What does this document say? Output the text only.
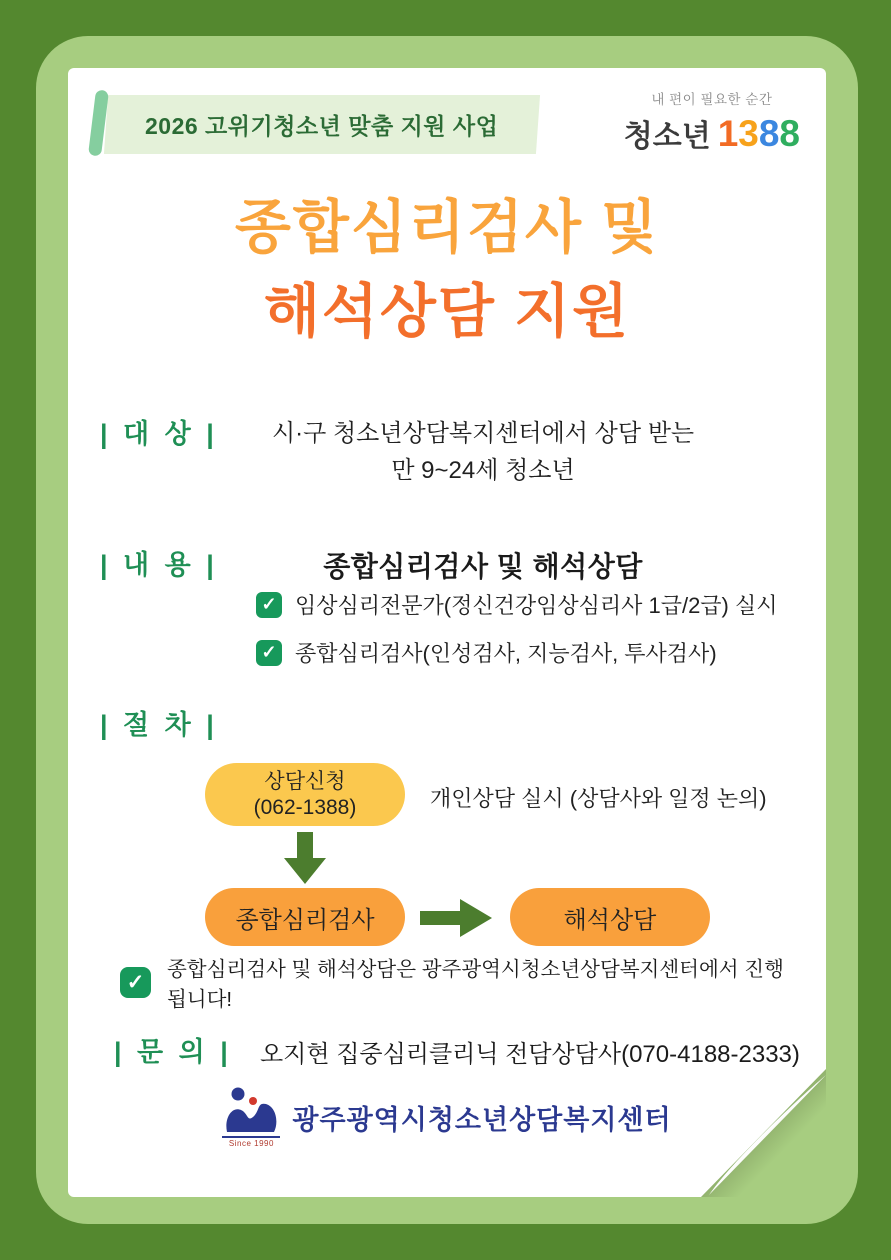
2026 고위기청소년 맞춤 지원 사업
내 편이 필요한 순간
청소년 1388
종합심리검사 및
해석상담 지원
| 대 상 |	시·구 청소년상담복지센터에서 상담 받는
만 9~24세 청소년
| 내 용 |	종합심리검사 및 해석상담
✓ 임상심리전문가(정신건강임상심리사 1급/2급) 실시
✓ 종합심리검사(인성검사, 지능검사, 투사검사)
| 절 차 |
상담신청
(062-1388)	개인상담 실시 (상담사와 일정 논의)
종합심리검사	해석상담
✓
종합심리검사 및 해석상담은 광주광역시청소년상담복지센터에서 진행됩니다!
| 문 의 | 오지현 집중심리클리닉 전담상담사(070-4188-2333)
Since 1990
광주광역시청소년상담복지센터
